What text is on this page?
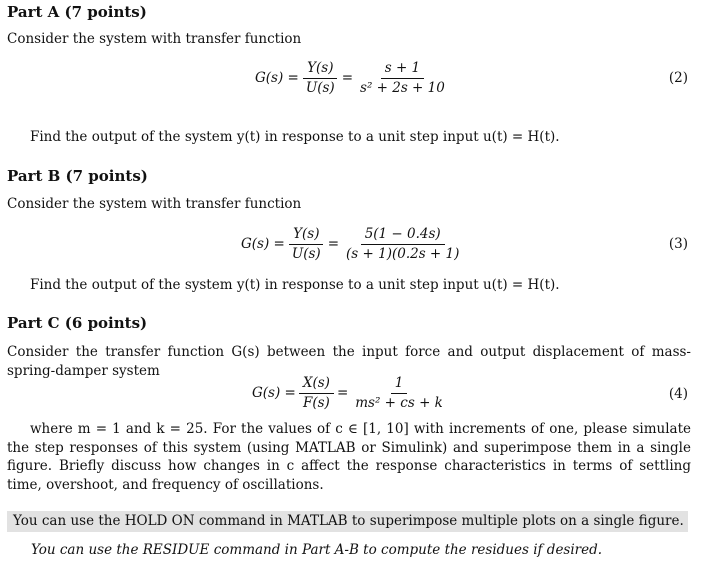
Part A (7 points)
Consider the system with transfer function
$G(s) = \frac{Y(s)}{U(s)} = \frac{s + 1}{\text{s² + 2s + 10}}$	(2)
Find the output of the system y(t) in response to a unit step input u(t) = H(t).
Part B (7 points)
Consider the system with transfer function
$G(s) = \frac{Y(s)}{U(s)} = \frac{5(1 - 0.4s)}{(s + 1)(0.2s + 1)}$	(3)
Find the output of the system y(t) in response to a unit step input u(t) = H(t).
Part C (6 points)
Consider the transfer function G(s) between the input force and output displacement of mass-spring-damper system
$G(s) = \frac{X(s)}{F(s)} = \frac{1}{\text{ms² + cs + k}}$	(4)
where m = 1 and k = 25. For the values of c ∈ [1, 10] with increments of one, please simulate the step responses of this system (using MATLAB or Simulink) and superimpose them in a single figure. Briefly discuss how changes in c affect the response characteristics in terms of settling time, overshoot, and frequency of oscillations.
You can use the HOLD ON command in MATLAB to superimpose multiple plots on a single figure.
You can use the RESIDUE command in Part A-B to compute the residues if desired.
